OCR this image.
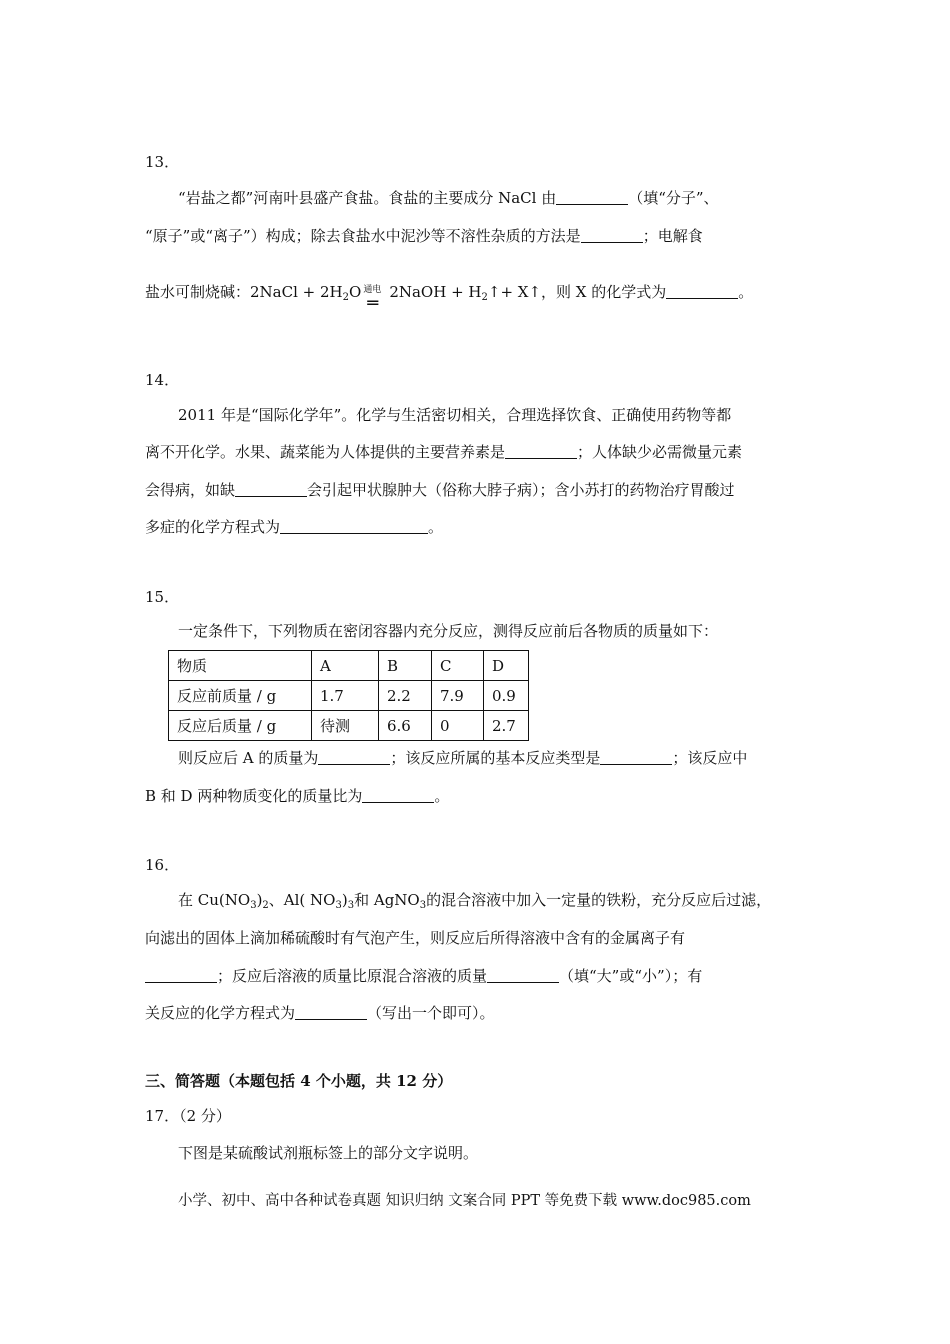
13．
“岩盐之都”河南叶县盛产食盐。食盐的主要成分 NaCl 由	（填“分子”、
“原子”或“离子”）构成；除去食盐水中泥沙等不溶性杂质的方法是	；电解食
盐水可制烧碱：2NaCl + $2H_2O$ 通电
═
2NaOH + $H_2↑+$ X↑，则 X 的化学式为	。
14．
2011 年是“国际化学年”。化学与生活密切相关，合理选择饮食、正确使用药物等都
离不开化学。水果、蔬菜能为人体提供的主要营养素是	；人体缺少必需微量元素
会得病，如缺	会引起甲状腺肿大（俗称大脖子病）；含小苏打的药物治疗胃酸过
多症的化学方程式为	。
15．
一定条件下，下列物质在密闭容器内充分反应，测得反应前后各物质的质量如下：
物质	A	B	C	D
反应前质量 / g	1.7	2.2	7.9	0.9
反应后质量 / g	待测	6.6	0	2.7
则反应后 A 的质量为	；该反应所属的基本反应类型是	；该反应中
B 和 D 两种物质变化的质量比为	。
16．
在 $Cu(NO_3)_2$、Al( $NO_3)_3$和 AgNO$_3$的混合溶液中加入一定量的铁粉，充分反应后过滤，
向滤出的固体上滴加稀硫酸时有气泡产生，则反应后所得溶液中含有的金属离子有
；反应后溶液的质量比原混合溶液的质量	（填“大”或“小”）；有
关反应的化学方程式为	（写出一个即可）。
三、简答题（本题包括 4 个小题，共 12 分）
17．（2 分）
下图是某硫酸试剂瓶标签上的部分文字说明。
小学、初中、高中各种试卷真题 知识归纳 文案合同 PPT 等免费下载 www.doc985.com
